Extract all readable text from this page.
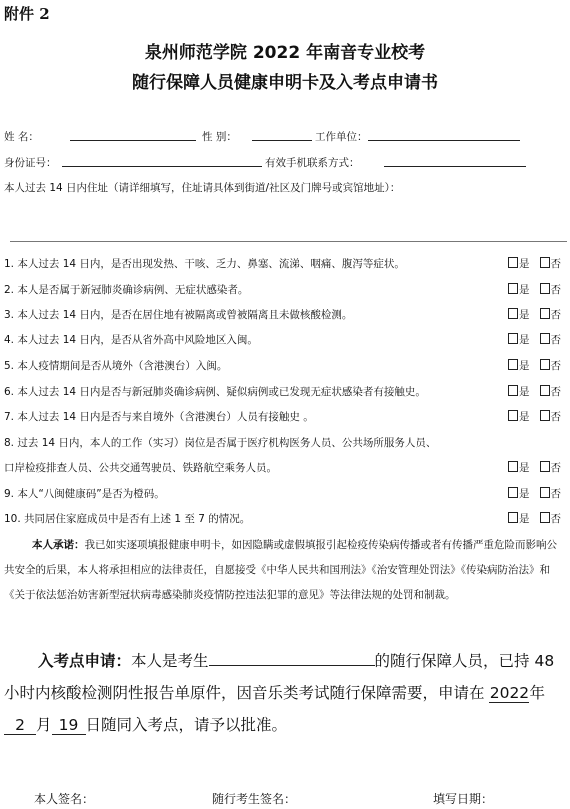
附件 2
泉州师范学院 2022 年南音专业校考
随行保障人员健康申明卡及入考点申请书
姓 名：	性 别：	工作单位：
身份证号：	有效手机联系方式：
本人过去 14 日内住址（请详细填写，住址请具体到街道/社区及门牌号或宾馆地址）：
1. 本人过去 14 日内，是否出现发热、干咳、乏力、鼻塞、流涕、咽痛、腹泻等症状。	是 否
2. 本人是否属于新冠肺炎确诊病例、无症状感染者。	是 否
3. 本人过去 14 日内，是否在居住地有被隔离或曾被隔离且未做核酸检测。	是 否
4. 本人过去 14 日内，是否从省外高中风险地区入闽。	是 否
5. 本人疫情期间是否从境外（含港澳台）入闽。	是 否
6. 本人过去 14 日内是否与新冠肺炎确诊病例、疑似病例或已发现无症状感染者有接触史。	是 否
7. 本人过去 14 日内是否与来自境外（含港澳台）人员有接触史 。	是 否
8. 过去 14 日内，本人的工作（实习）岗位是否属于医疗机构医务人员、公共场所服务人员、
口岸检疫排查人员、公共交通驾驶员、铁路航空乘务人员。	是 否
9. 本人“八闽健康码”是否为橙码。	是 否
10. 共同居住家庭成员中是否有上述 1 至 7 的情况。	是 否
本人承诺：我已如实逐项填报健康申明卡，如因隐瞒或虚假填报引起检疫传染病传播或者有传播严重危险而影响公共安全的后果，本人将承担相应的法律责任，自愿接受《中华人民共和国刑法》《治安管理处罚法》《传染病防治法》和《关于依法惩治妨害新型冠状病毒感染肺炎疫情防控违法犯罪的意见》等法律法规的处罚和制裁。
入考点申请：本人是考生	的随行保障人员，已持 48 小时内核酸检测阴性报告单原件，因音乐类考试随行保障需要，申请在 2022年2 月 19 日随同入考点，请予以批准。
本人签名：	随行考生签名：	填写日期：
